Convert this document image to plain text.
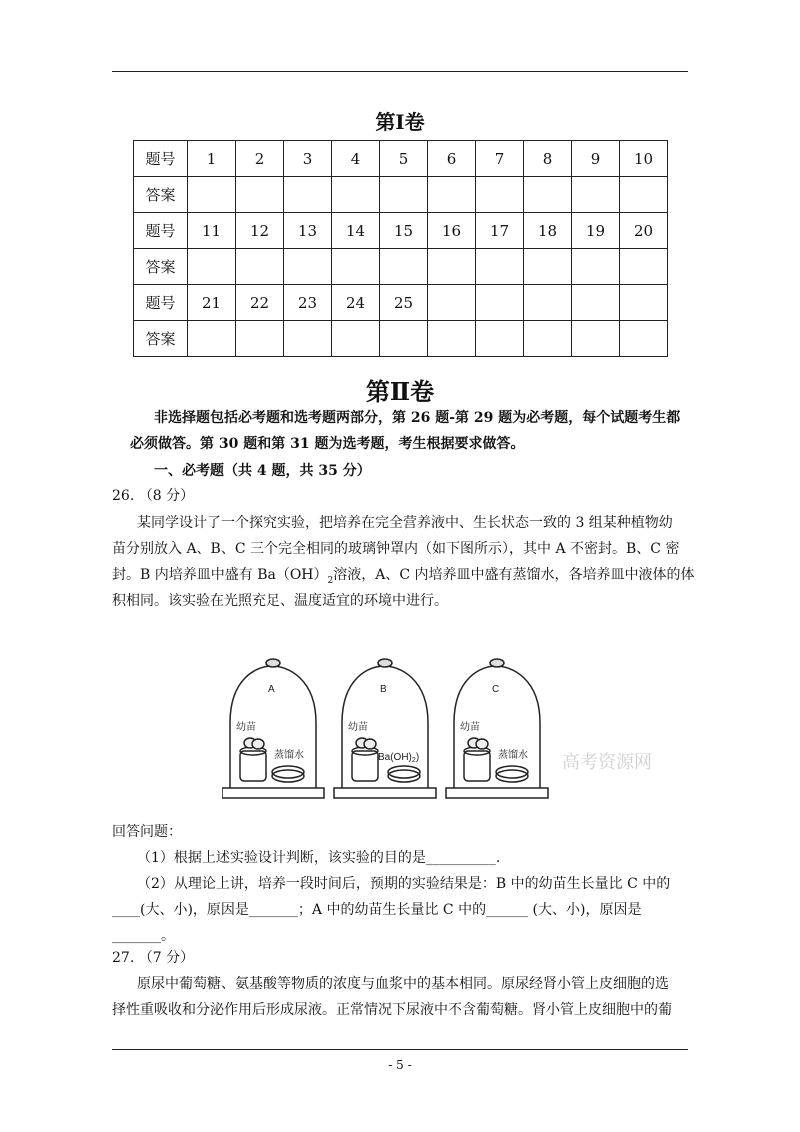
第Ⅰ卷
题号	1	2	3	4	5	6	7	8	9	10
答案										
题号	11	12	13	14	15	16	17	18	19	20
答案										
题号	21	22	23	24	25					
答案										
第Ⅱ卷
非选择题包括必考题和选考题两部分，第 26 题-第 29 题为必考题，每个试题考生都
必须做答。第 30 题和第 31 题为选考题，考生根据要求做答。
一、必考题（共 4 题，共 35 分）
26. （8 分）
某同学设计了一个探究实验，把培养在完全营养液中、生长状态一致的 3 组某种植物幼
苗分别放入 A、B、C 三个完全相同的玻璃钟罩内（如下图所示），其中 A 不密封。B、C 密
封。B 内培养皿中盛有 $Ba(OH)_2$溶液，A、C 内培养皿中盛有蒸馏水，各培养皿中液体的体
积相同。该实验在光照充足、温度适宜的环境中进行。
A	B	C
幼苗	幼苗	幼苗
蒸馏水	$Ba(OH)_2$)	蒸馏水 高考资源网
回答问题：
（1）根据上述实验设计判断，该实验的目的是__________.
（2）从理论上讲，培养一段时间后，预期的实验结果是：B 中的幼苗生长量比 C 中的
____(大、小)，原因是_______；A 中的幼苗生长量比 C 中的______ (大、小)，原因是
_______。
27. （7 分）
原尿中葡萄糖、氨基酸等物质的浓度与血浆中的基本相同。原尿经肾小管上皮细胞的选
择性重吸收和分泌作用后形成尿液。正常情况下尿液中不含葡萄糖。肾小管上皮细胞中的葡
- 5 -
